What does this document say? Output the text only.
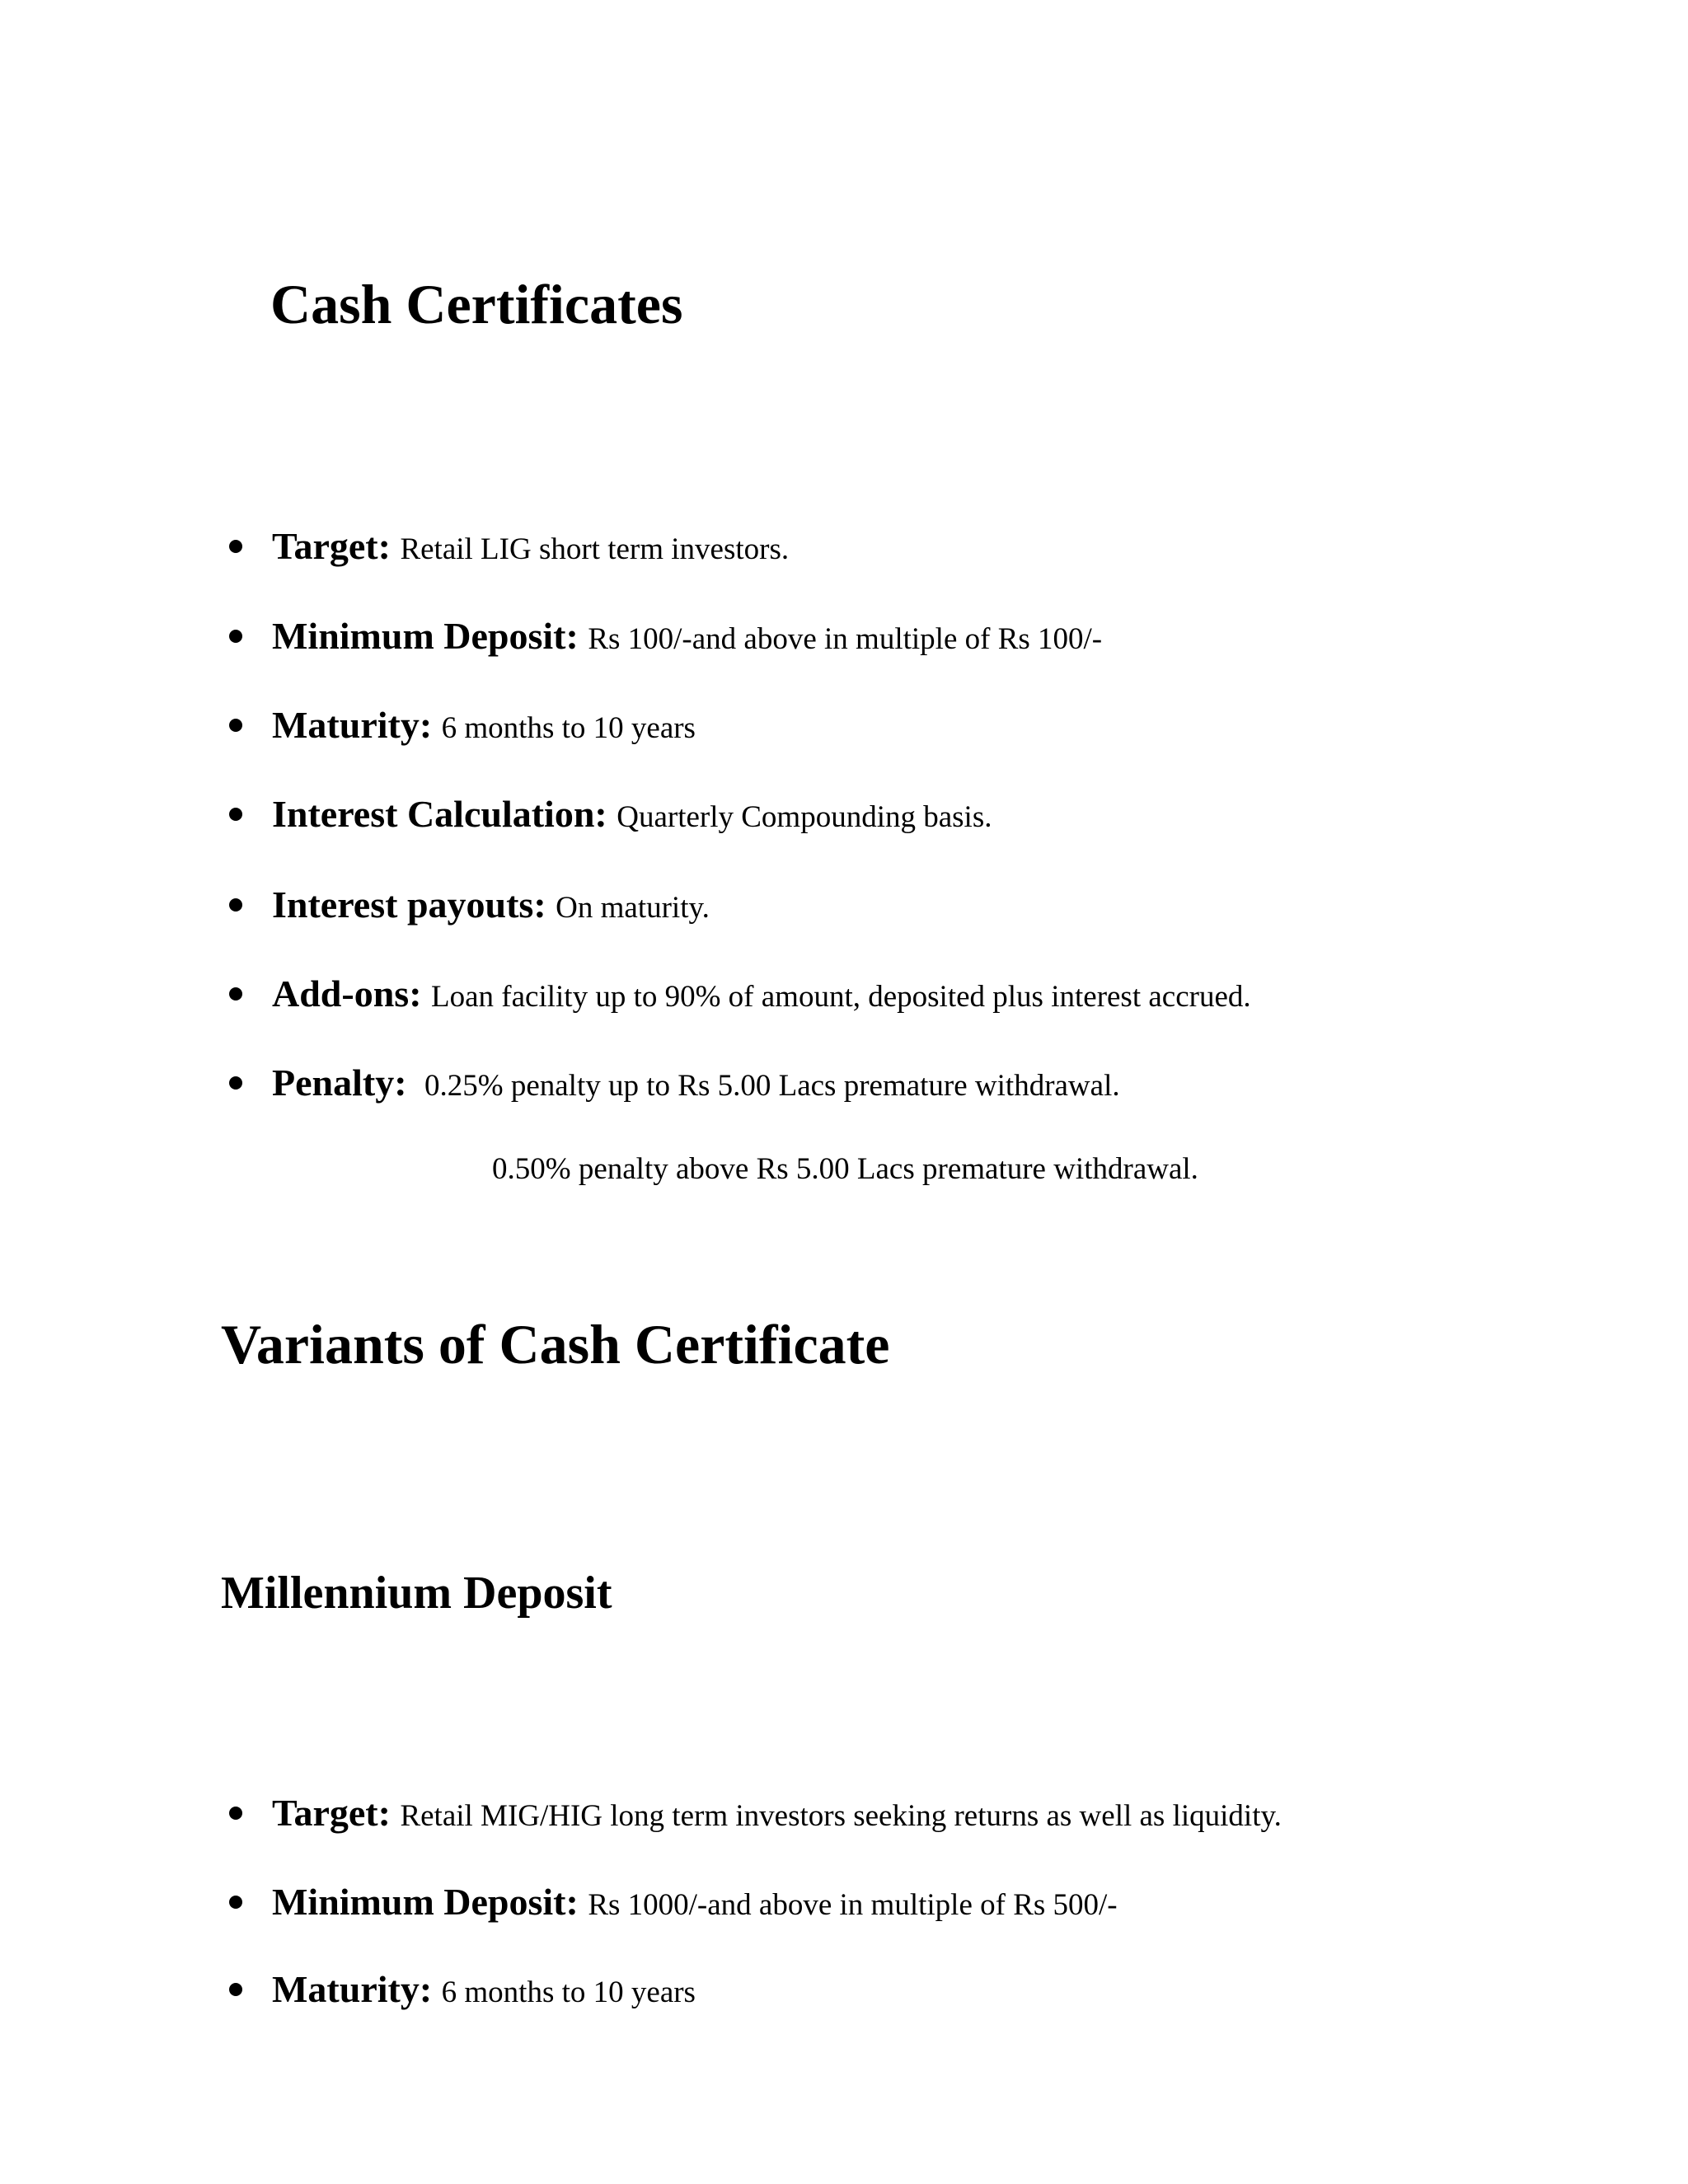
Cash Certificates
Target: Retail LIG short term investors.
Minimum Deposit: Rs 100/-and above in multiple of Rs 100/-
Maturity: 6 months to 10 years
Interest Calculation: Quarterly Compounding basis.
Interest payouts: On maturity.
Add-ons: Loan facility up to 90% of amount, deposited plus interest accrued.
Penalty: 0.25% penalty up to Rs 5.00 Lacs premature withdrawal.
0.50% penalty above Rs 5.00 Lacs premature withdrawal.
Variants of Cash Certificate
Millennium Deposit
Target: Retail MIG/HIG long term investors seeking returns as well as liquidity.
Minimum Deposit: Rs 1000/-and above in multiple of Rs 500/-
Maturity: 6 months to 10 years
